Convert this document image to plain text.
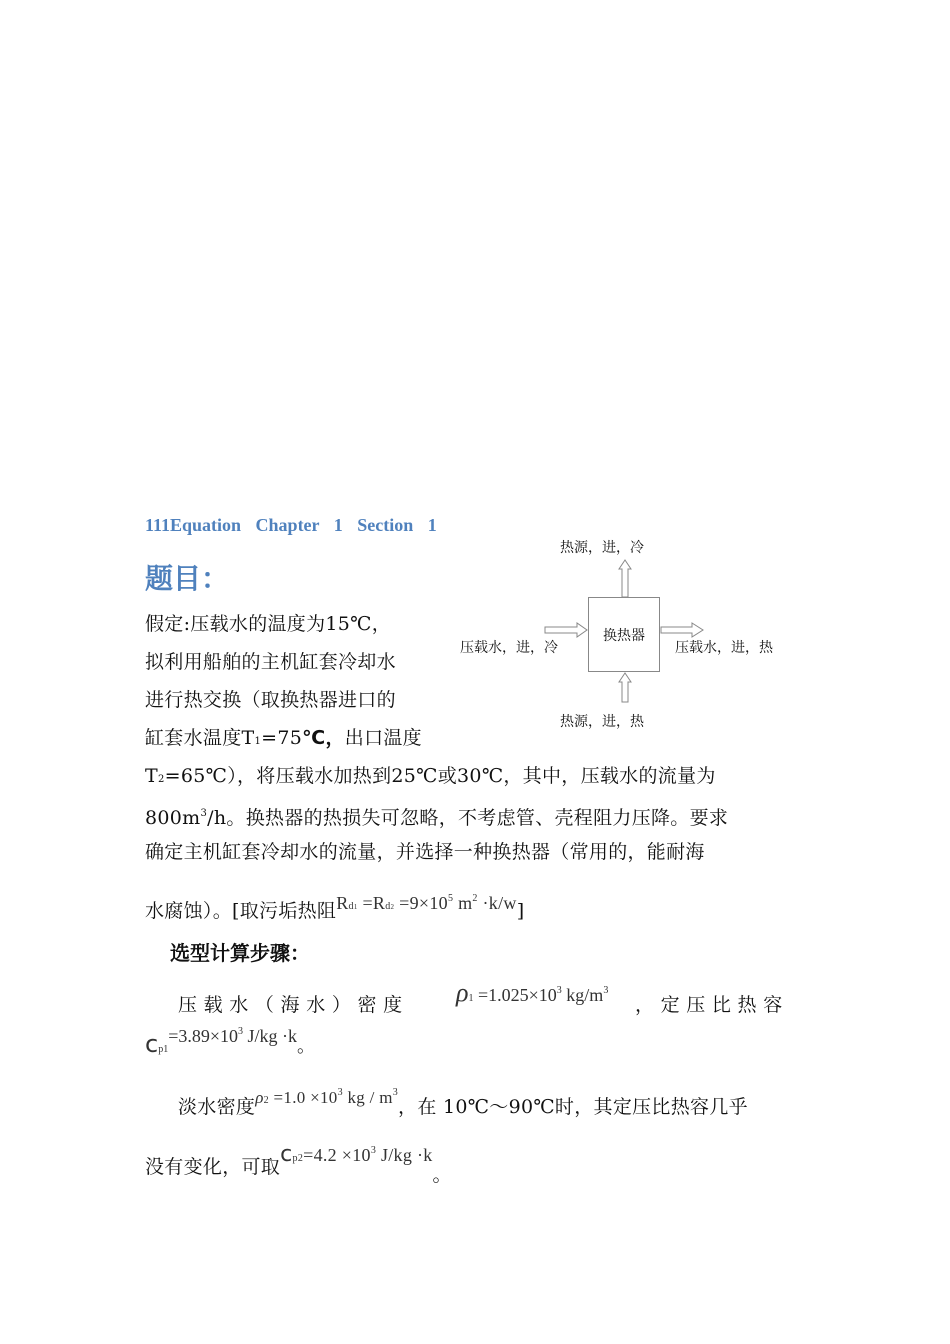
111Equation Chapter 1 Section 1
题目：
假定:压载水的温度为15℃，
拟利用船舶的主机缸套冷却水
进行热交换（取换热器进口的
缸套水温度T1=75℃，出口温度
T2=65℃），将压载水加热到25℃或30℃，其中，压载水的流量为
$800m^3/h$。换热器的热损失可忽略，不考虑管、壳程阻力压降。要求
确定主机缸套冷却水的流量，并选择一种换热器（常用的，能耐海
水腐蚀）。[取污垢热阻$Rd1 =Rd2 =9\times 10^5$ $m^2 \cdot k/w$]
热源，进，冷
热源，进，热
压载水，进，冷	压载水，进，热
换热器
选型计算步骤：
压 载 水 （ 海 水 ） 密 度 $\rho 1 =1.025\times 10^3$ $kg/m^3$
， 定 压 比 热 容
$cp1=3.89\times 10^3$ J/kg ·k。
淡水密度$\rho 2 =1.0 \times 10^3$ kg / $m^3$，在 10℃～90℃时，其定压比热容几乎
没有变化，可取$cp2=4.2 \times 10^3$ J/kg ·k。
